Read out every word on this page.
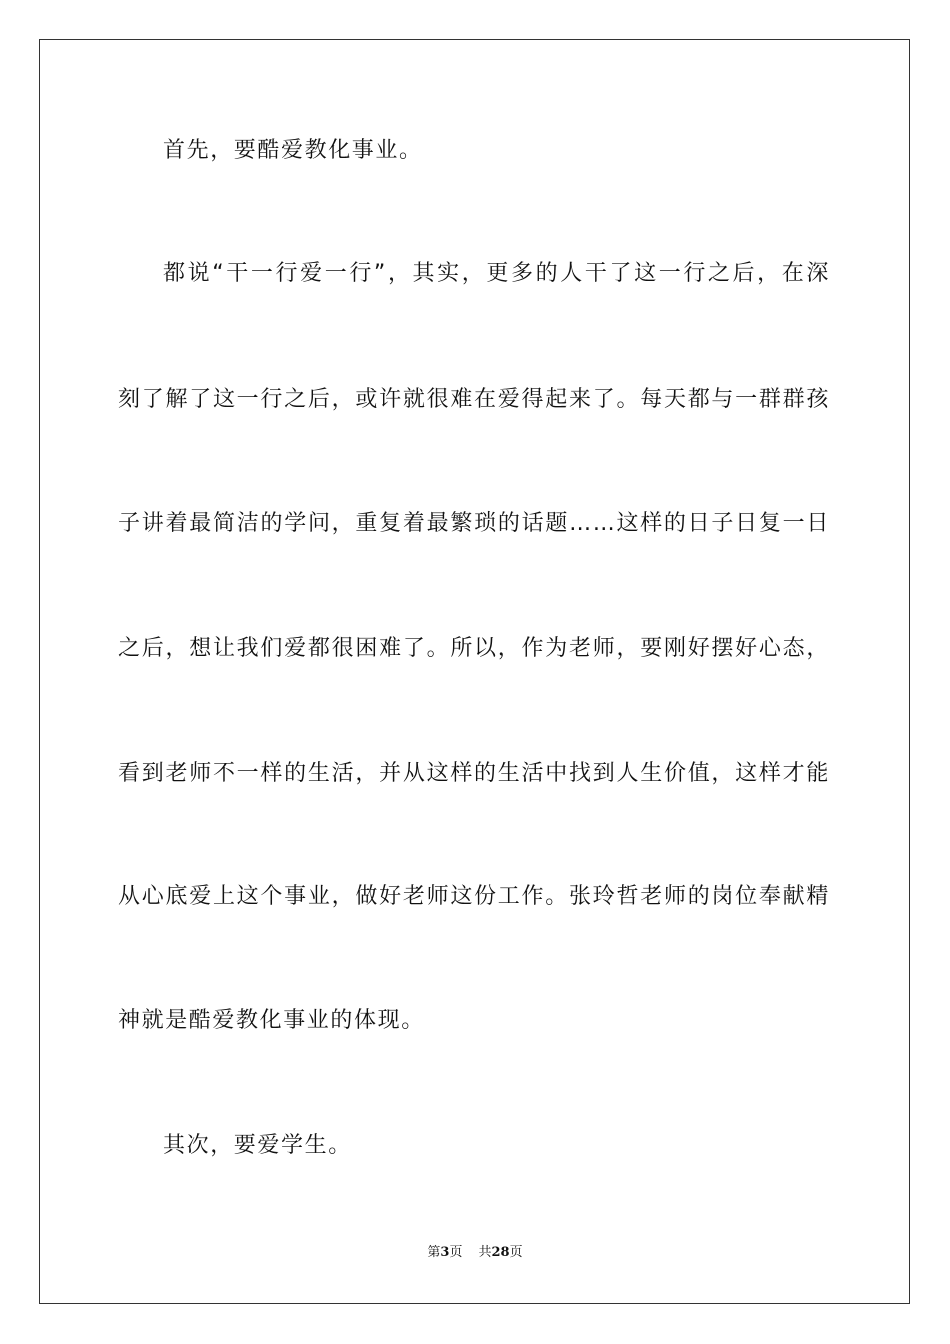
首先，要酷爱教化事业。
都说“干一行爱一行”，其实，更多的人干了这一行之后，在深
刻了解了这一行之后，或许就很难在爱得起来了。每天都与一群群孩
子讲着最简洁的学问，重复着最繁琐的话题……这样的日子日复一日
之后，想让我们爱都很困难了。所以，作为老师，要刚好摆好心态，
看到老师不一样的生活，并从这样的生活中找到人生价值，这样才能
从心底爱上这个事业，做好老师这份工作。张玲哲老师的岗位奉献精
神就是酷爱教化事业的体现。
其次，要爱学生。
第3页 共28页
